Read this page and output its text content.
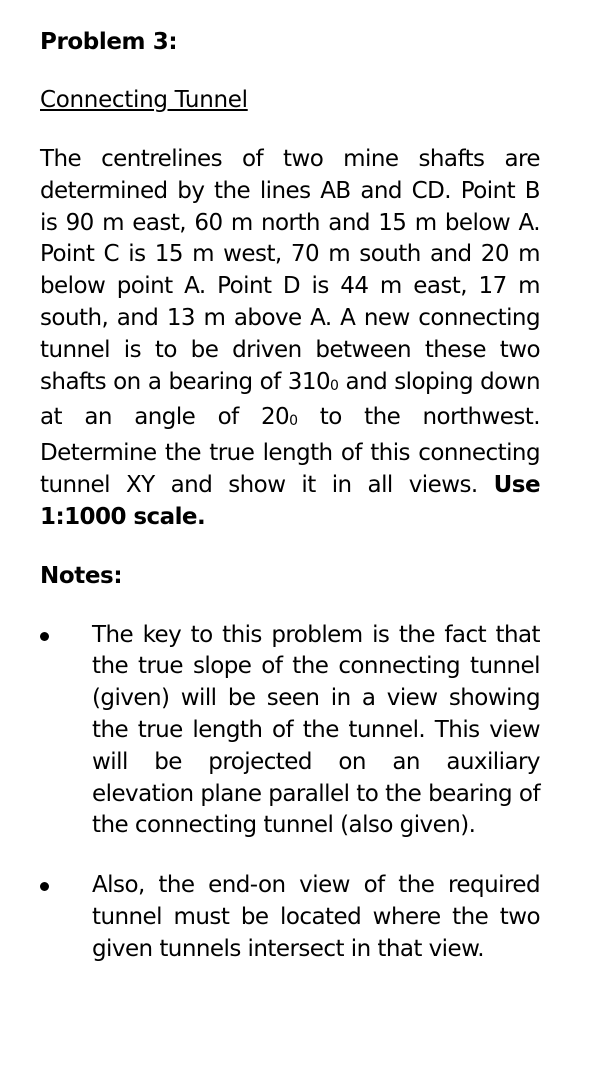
Problem 3:

Connecting Tunnel

The centrelines of two mine shafts are determined by the lines AB and CD. Point B is 90 m east, 60 m north and 15 m below A. Point C is 15 m west, 70 m south and 20 m below point A. Point D is 44 m east, 17 m south, and 13 m above A. A new connecting tunnel is to be driven between these two shafts on a bearing of $310_0$ and sloping down at an angle of $20_0$ to the northwest. Determine the true length of this connecting tunnel XY and show it in all views. Use 1:1000 scale.

Notes:

The key to this problem is the fact that the true slope of the connecting tunnel (given) will be seen in a view showing the true length of the tunnel. This view will be projected on an auxiliary elevation plane parallel to the bearing of the connecting tunnel (also given).
Also, the end-on view of the required tunnel must be located where the two given tunnels intersect in that view.
